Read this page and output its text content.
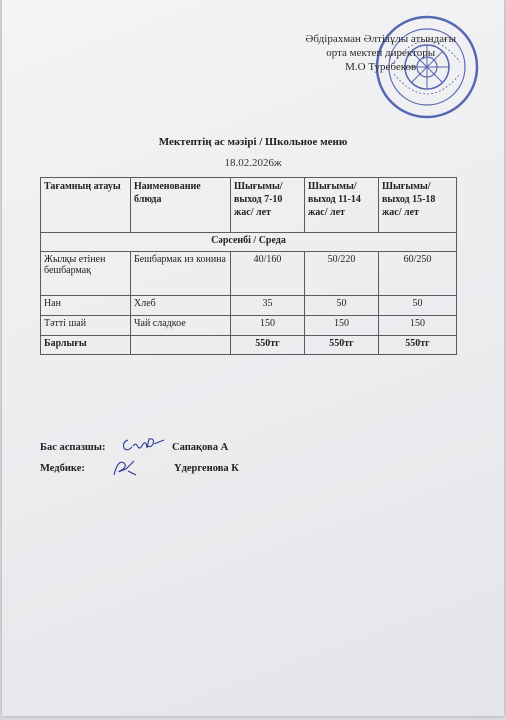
Әбдірахман Әлтіаұлы атындағы
орта мектеп директоры
М.О Туребеков
Мектептің ас мәзірі / Школьное меню
18.02.2026ж
Тағамның атауы	Наименование блюда	Шығымы/ выход 7-10 жас/ лет	Шығымы/ выход 11-14 жас/ лет	Шығымы/ выход 15-18 жас/ лет
Сәрсенбі / Среда				
Жылқы етінен бешбармақ	Бешбармак из конина	40/160	50/220	60/250
Нан	Хлеб	35	50	50
Тәтті шай	Чай сладкое	150	150	150
Барлығы		550тг	550тг	550тг
Бас аспазшы:	Сапақова А
Медбике:	Үдергенова К
